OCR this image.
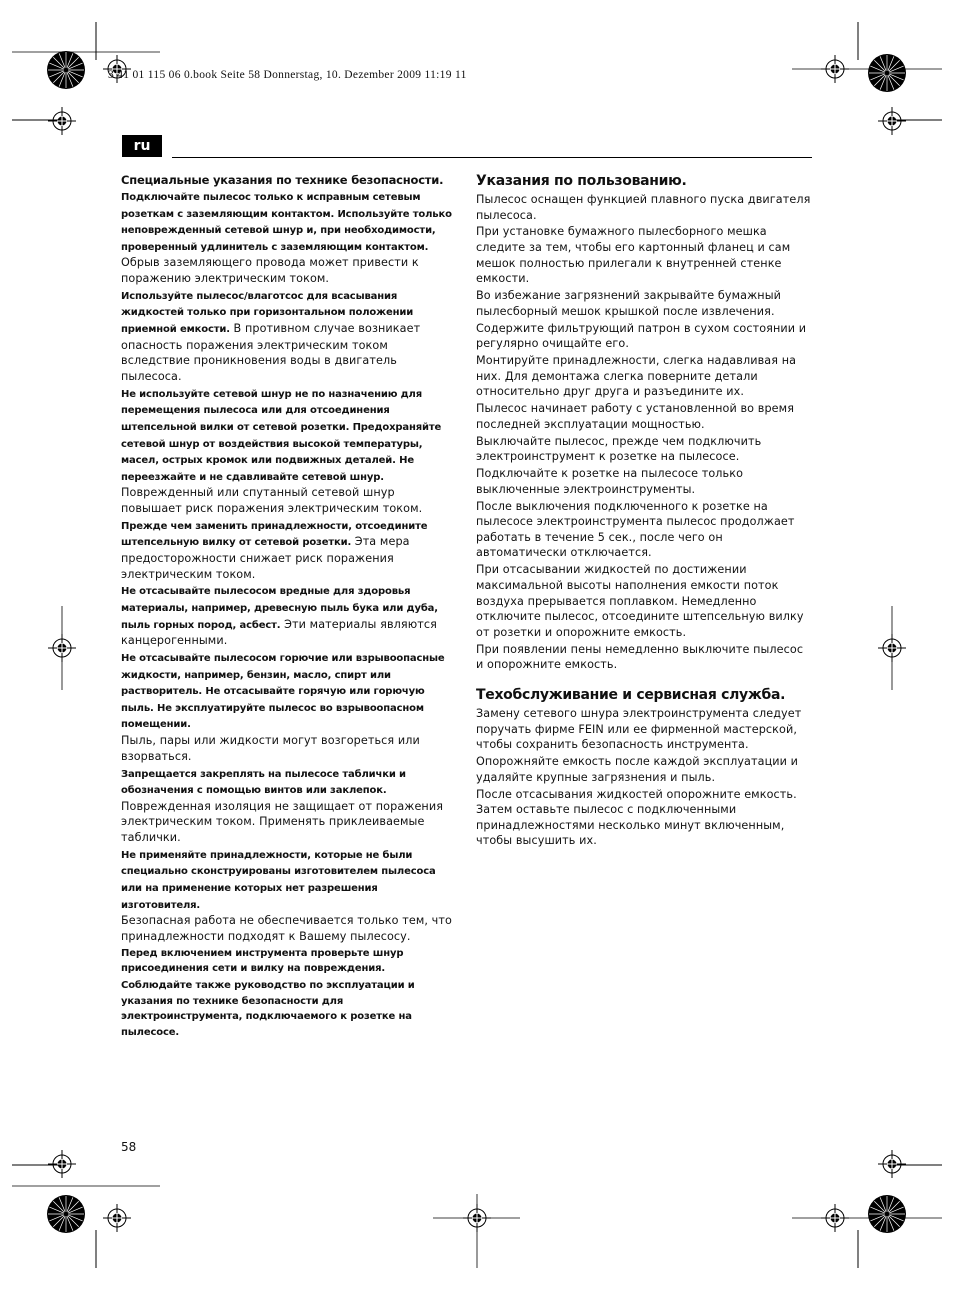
3 41 01 115 06 0.book Seite 58 Donnerstag, 10. Dezember 2009 11:19 11
ru
Специальные указания по технике безопасности.

Подключайте пылесос только к исправным сетевым розеткам с заземляющим контактом. Используйте только неповрежденный сетевой шнур и, при необходимости, проверенный удлинитель с заземляющим контактом.
Обрыв заземляющего провода может привести к поражению электрическим током.

Используйте пылесос/влаготсос для всасывания жидкостей только при горизонтальном положении приемной емкости. В противном случае возникает опасность поражения электрическим током вследствие проникновения воды в двигатель пылесоса.

Не используйте сетевой шнур не по назначению для перемещения пылесоса или для отсоединения штепсельной вилки от сетевой розетки. Предохраняйте сетевой шнур от воздействия высокой температуры, масел, острых кромок или подвижных деталей. Не переезжайте и не сдавливайте сетевой шнур.
Поврежденный или спутанный сетевой шнур повышает риск поражения электрическим током.

Прежде чем заменить принадлежности, отсоедините штепсельную вилку от сетевой розетки. Эта мера предосторожности снижает риск поражения электрическим током.

Не отсасывайте пылесосом вредные для здоровья материалы, например, древесную пыль бука или дуба, пыль горных пород, асбест. Эти материалы являются канцерогенными.

Не отсасывайте пылесосом горючие или взрывоопасные жидкости, например, бензин, масло, спирт или растворитель. Не отсасывайте горячую или горючую пыль. Не эксплуатируйте пылесос во взрывоопасном помещении.
Пыль, пары или жидкости могут возгореться или взорваться.

Запрещается закреплять на пылесосе таблички и обозначения с помощью винтов или заклепок.
Поврежденная изоляция не защищает от поражения электрическим током. Применять приклеиваемые таблички.

Не применяйте принадлежности, которые не были специально сконструированы изготовителем пылесоса или на применение которых нет разрешения изготовителя.
Безопасная работа не обеспечивается только тем, что принадлежности подходят к Вашему пылесосу.

Перед включением инструмента проверьте шнур присоединения сети и вилку на повреждения.

Соблюдайте также руководство по эксплуатации и указания по технике безопасности для электроинструмента, подключаемого к розетке на пылесосе.

Указания по пользованию.

Пылесос оснащен функцией плавного пуска двигателя пылесоса.

При установке бумажного пылесборного мешка следите за тем, чтобы его картонный фланец и сам мешок полностью прилегали к внутренней стенке емкости.

Во избежание загрязнений закрывайте бумажный пылесборный мешок крышкой после извлечения.

Содержите фильтрующий патрон в сухом состоянии и регулярно очищайте его.

Монтируйте принадлежности, слегка надавливая на них. Для демонтажа слегка поверните детали относительно друг друга и разъедините их.

Пылесос начинает работу с установленной во время последней эксплуатации мощностью.

Выключайте пылесос, прежде чем подключить электроинструмент к розетке на пылесосе.

Подключайте к розетке на пылесосе только выключенные электроинструменты.

После выключения подключенного к розетке на пылесосе электроинструмента пылесос продолжает работать в течение 5 сек., после чего он автоматически отключается.

При отсасывании жидкостей по достижении максимальной высоты наполнения емкости поток воздуха прерывается поплавком. Немедленно отключите пылесос, отсоедините штепсельную вилку от розетки и опорожните емкость.

При появлении пены немедленно выключите пылесос и опорожните емкость.

Техобслуживание и сервисная служба.

Замену сетевого шнура электроинструмента следует поручать фирме FEIN или ее фирменной мастерской, чтобы сохранить безопасность инструмента.

Опорожняйте емкость после каждой эксплуатации и удаляйте крупные загрязнения и пыль.

После отсасывания жидкостей опорожните емкость. Затем оставьте пылесос с подключенными принадлежностями несколько минут включенным, чтобы высушить их.

58
